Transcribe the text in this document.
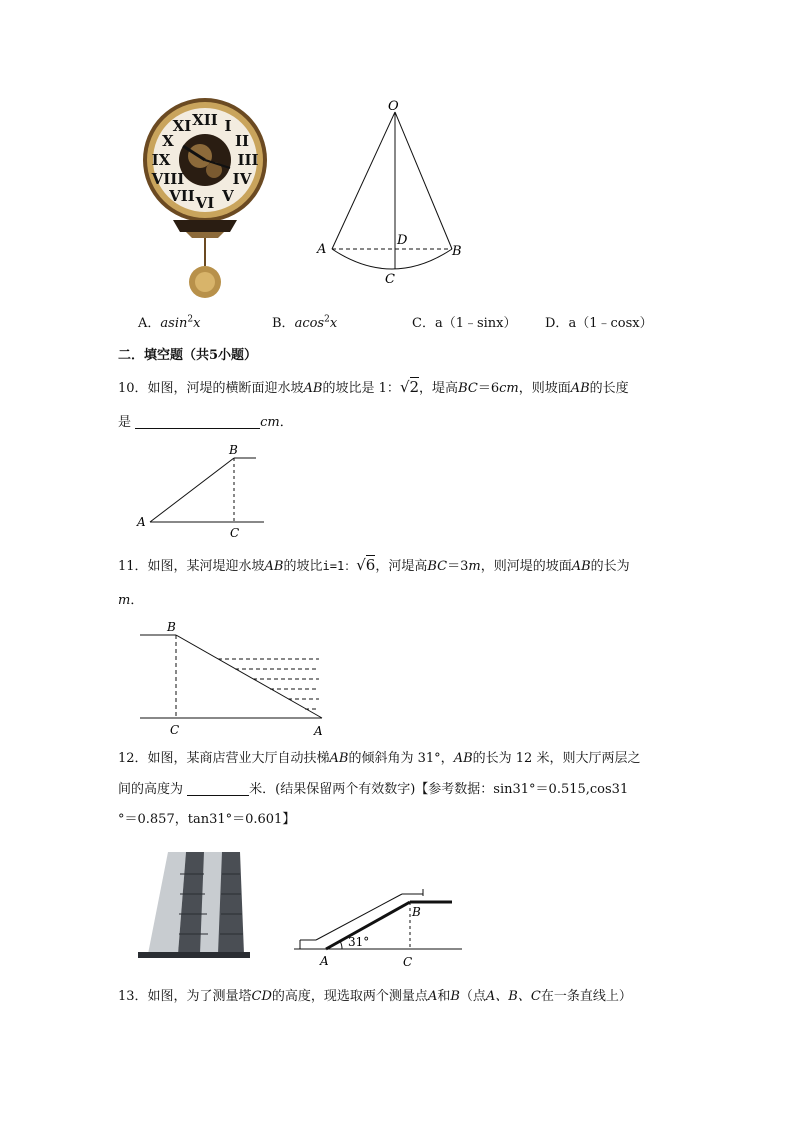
XII I
II
III
IV
V
VI
VII
VIII
IX
X
XI
O
A	B
D
C
A．asin$^2$x	B．acos$^2$x	C．a（1﹣sinx） D．a（1﹣cosx）
二．填空题（共5小题）
10．如图，河堤的横断面迎水坡AB的坡比是 1：√2，堤高BC＝6cm，则坡面AB的长度
是	cm．
A
B
C
11．如图，某河堤迎水坡AB的坡比i=1：√6，河堤高BC＝3m，则河堤的坡面AB的长为
m．
B
C	A
12．如图，某商店营业大厅自动扶梯AB的倾斜角为 31°，AB的长为 12 米，则大厅两层之
间的高度为	米．(结果保留两个有效数字)【参考数据：sin31°＝0.515,cos31
°＝0.857，tan31°＝0.601】
31°
A
B
C
13．如图，为了测量塔CD的高度，现选取两个测量点A和B（点A、B、C在一条直线上）
